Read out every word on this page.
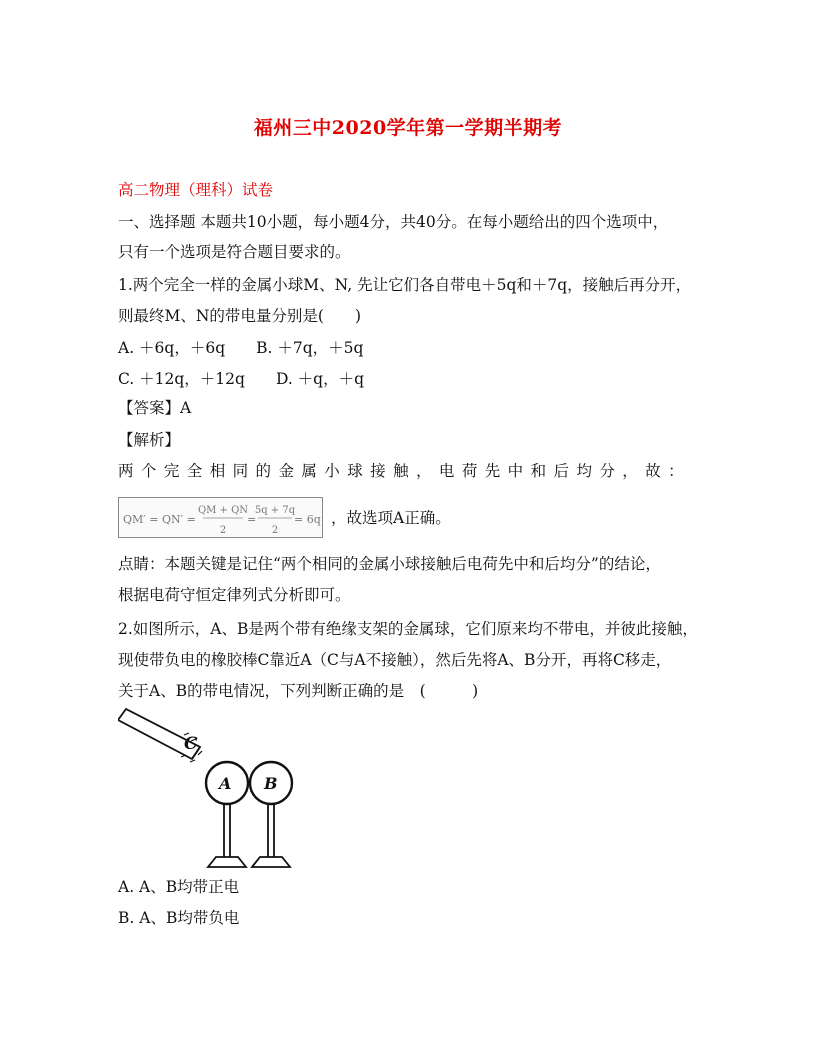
福州三中2020学年第一学期半期考
高二物理（理科）试卷
一、选择题 本题共10小题，每小题4分，共40分。在每小题给出的四个选项中，
只有一个选项是符合题目要求的。
1.两个完全一样的金属小球M、N, 先让它们各自带电＋5q和＋7q，接触后再分开，
则最终M、N的带电量分别是(　　)
A. ＋6q，＋6q　　B. ＋7q，＋5q
C. ＋12q，＋12q　　D. ＋q，＋q
【答案】A
【解析】
两 个 完 全 相 同 的 金 属 小 球 接 触 ， 电 荷 先 中 和 后 均 分 ， 故 ：
QM′ = QN′ =
QM + QN
2
=
5q + 7q
2
= 6q ，故选项A正确。
点睛：本题关键是记住“两个相同的金属小球接触后电荷先中和后均分”的结论，
根据电荷守恒定律列式分析即可。
2.如图所示，A、B是两个带有绝缘支架的金属球，它们原来均不带电，并彼此接触，
现使带负电的橡胶棒C靠近A（C与A不接触），然后先将A、B分开，再将C移走，
关于A、B的带电情况，下列判断正确的是　(　　　)
C
A B
A. A、B均带正电
B. A、B均带负电
